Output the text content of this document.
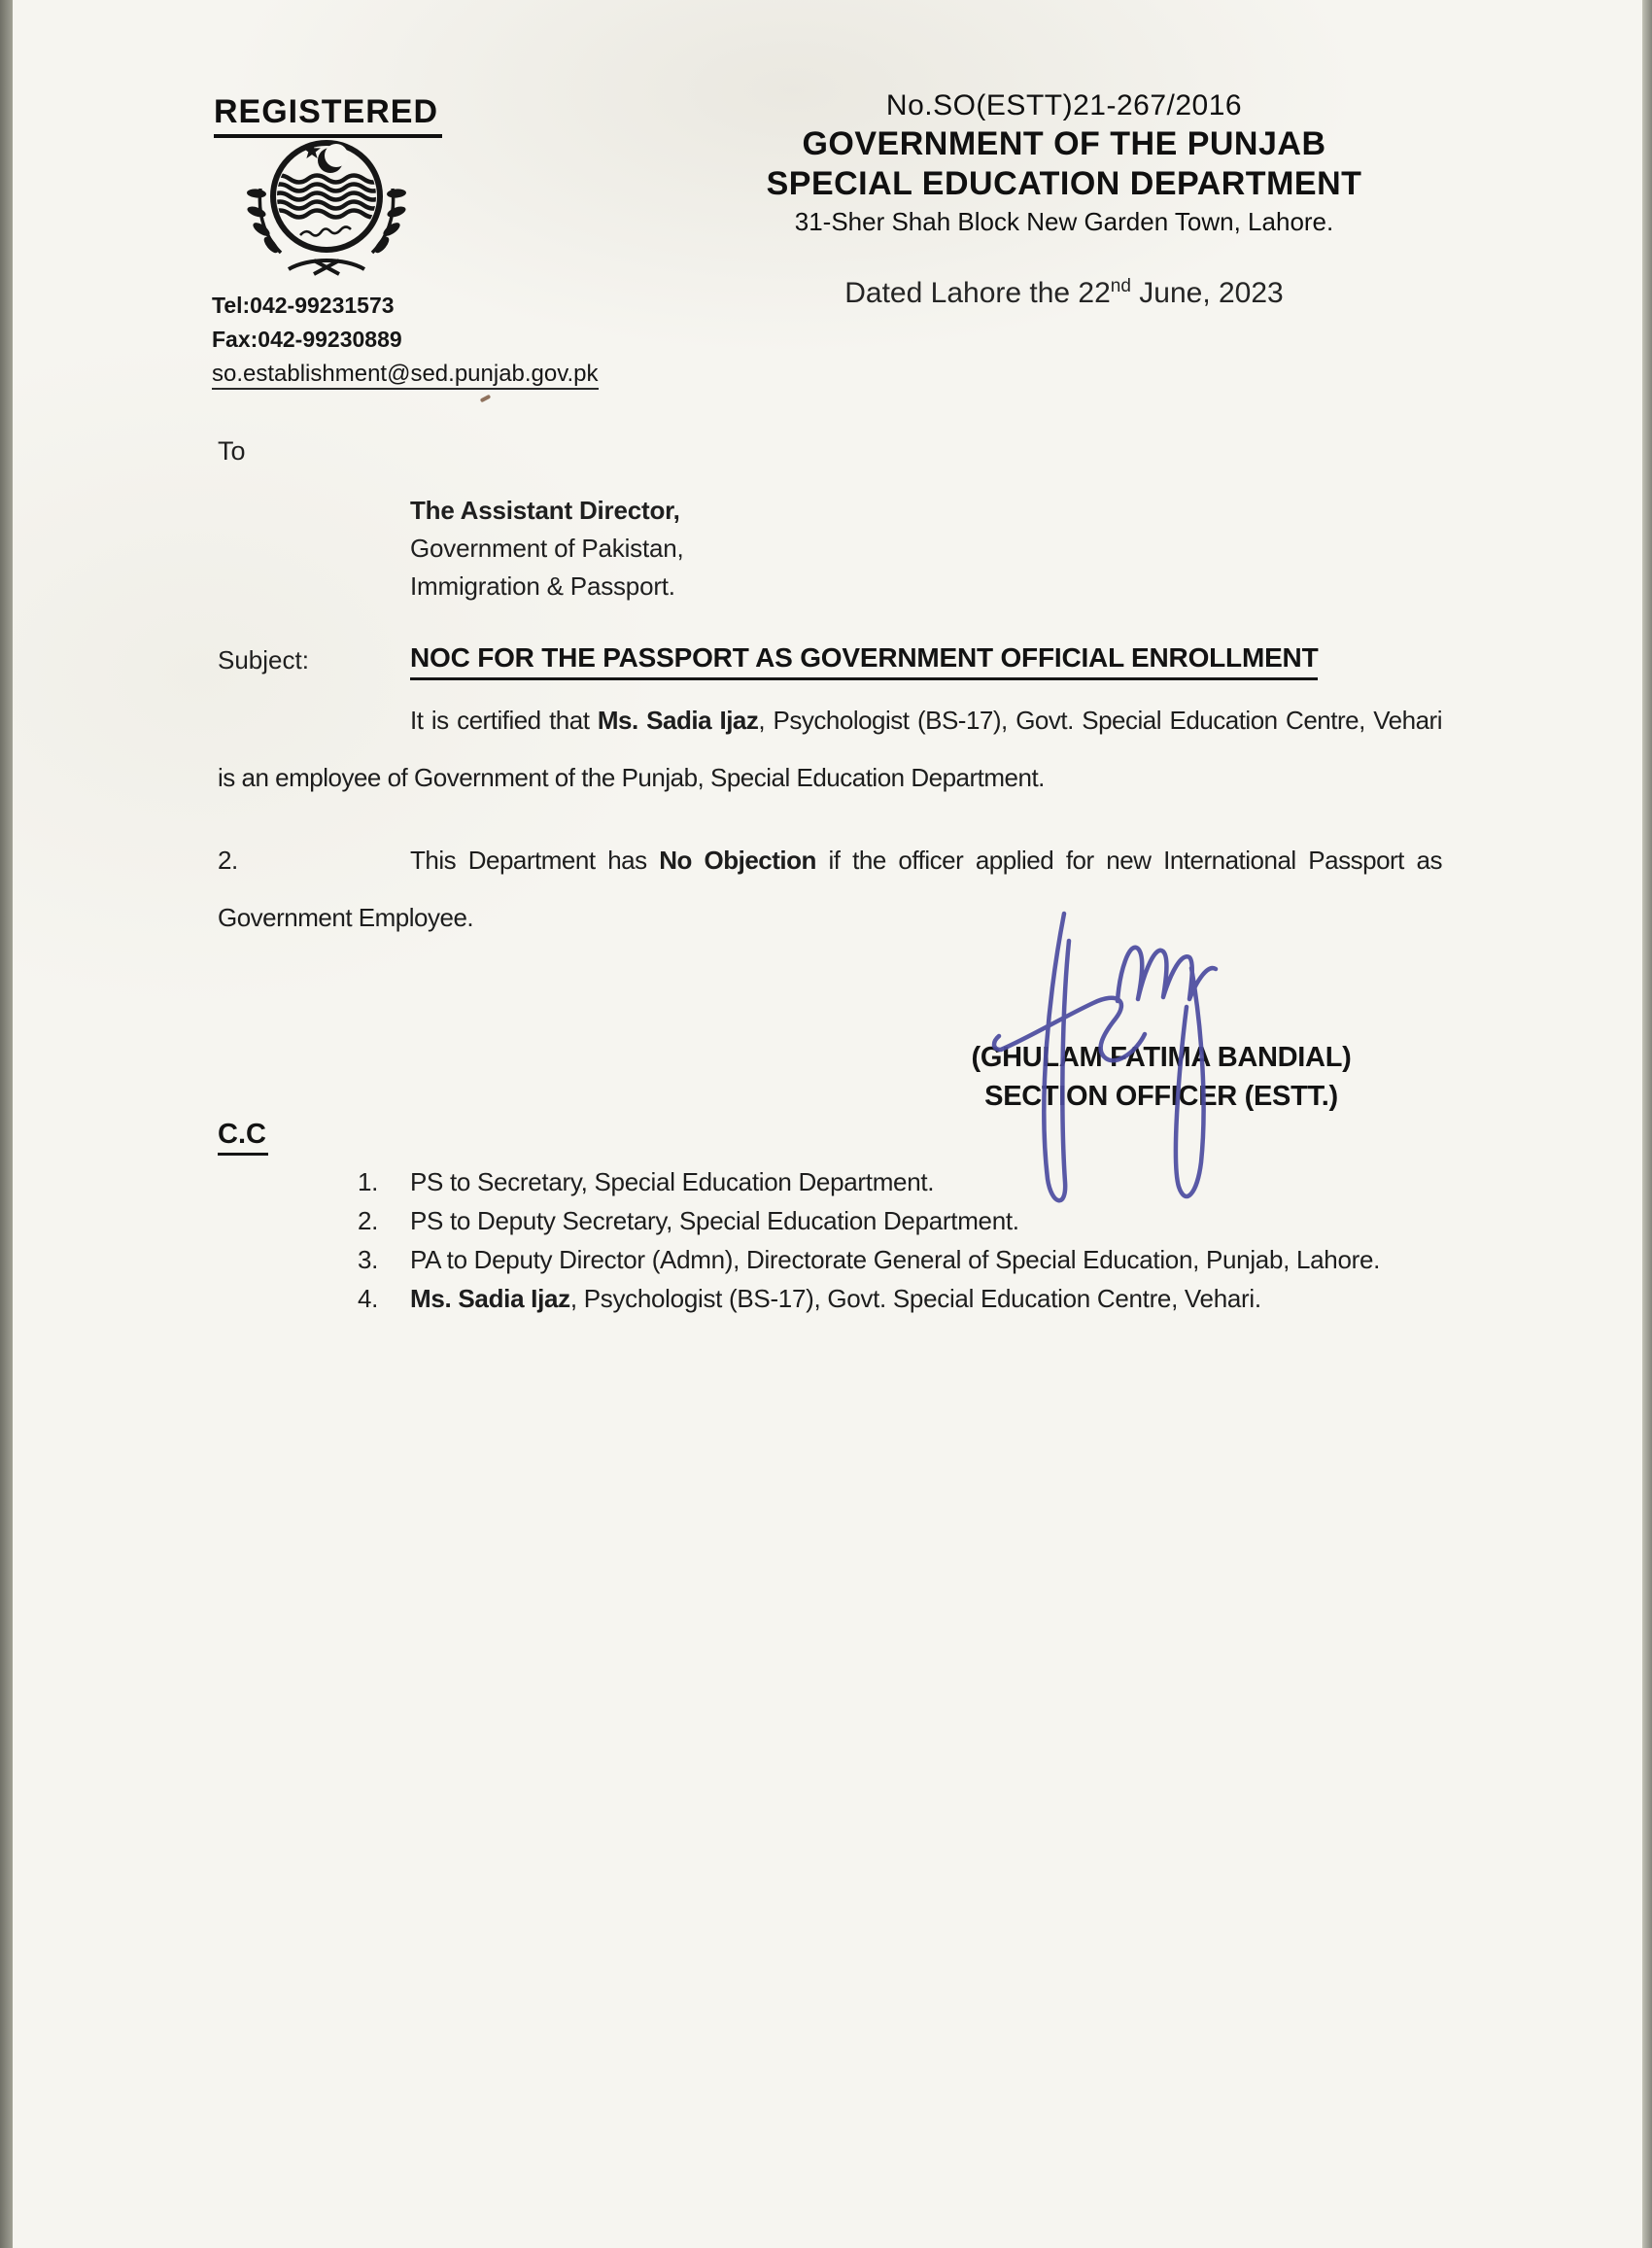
REGISTERED	No.SO(ESTT)21-267/2016
GOVERNMENT OF THE PUNJAB
SPECIAL EDUCATION DEPARTMENT
31-Sher Shah Block New Garden Town, Lahore.
Dated Lahore the 22nd June, 2023
Tel:042-99231573
Fax:042-99230889
so.establishment@sed.punjab.gov.pk
To
The Assistant Director,
Government of Pakistan,
Immigration & Passport.
Subject:	NOC FOR THE PASSPORT AS GOVERNMENT OFFICIAL ENROLLMENT
It is certified that Ms. Sadia Ijaz, Psychologist (BS-17), Govt. Special Education Centre, Vehari is an employee of Government of the Punjab, Special Education Department.
2.	This Department has No Objection if the officer applied for new International Passport as Government Employee.
(GHULAM FATIMA BANDIAL)
SECTION OFFICER (ESTT.)
C.C
1. PS to Secretary, Special Education Department.
2. PS to Deputy Secretary, Special Education Department.
3. PA to Deputy Director (Admn), Directorate General of Special Education, Punjab, Lahore.
4. Ms. Sadia Ijaz, Psychologist (BS-17), Govt. Special Education Centre, Vehari.
